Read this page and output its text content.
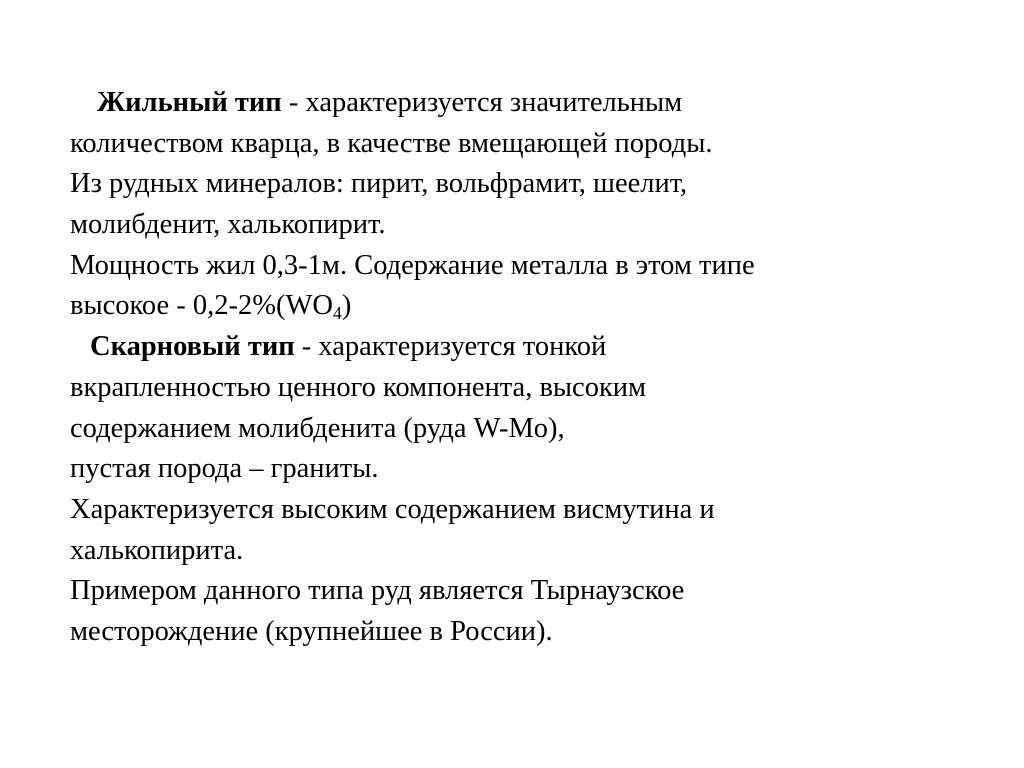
Жильный тип - характеризуется значительным
количеством кварца, в качестве вмещающей породы.
Из рудных минералов: пирит, вольфрамит, шеелит,
молибденит, халькопирит.
Мощность жил 0,3-1м. Содержание металла в этом типе
высокое - $0,2-2\%(WO_4)$
Скарновый тип - характеризуется тонкой
вкрапленностью ценного компонента, высоким
содержанием молибденита (руда W-Mo),
пустая порода – граниты.
Характеризуется высоким содержанием висмутина и
халькопирита.
Примером данного типа руд является Тырнаузское
месторождение (крупнейшее в России).
